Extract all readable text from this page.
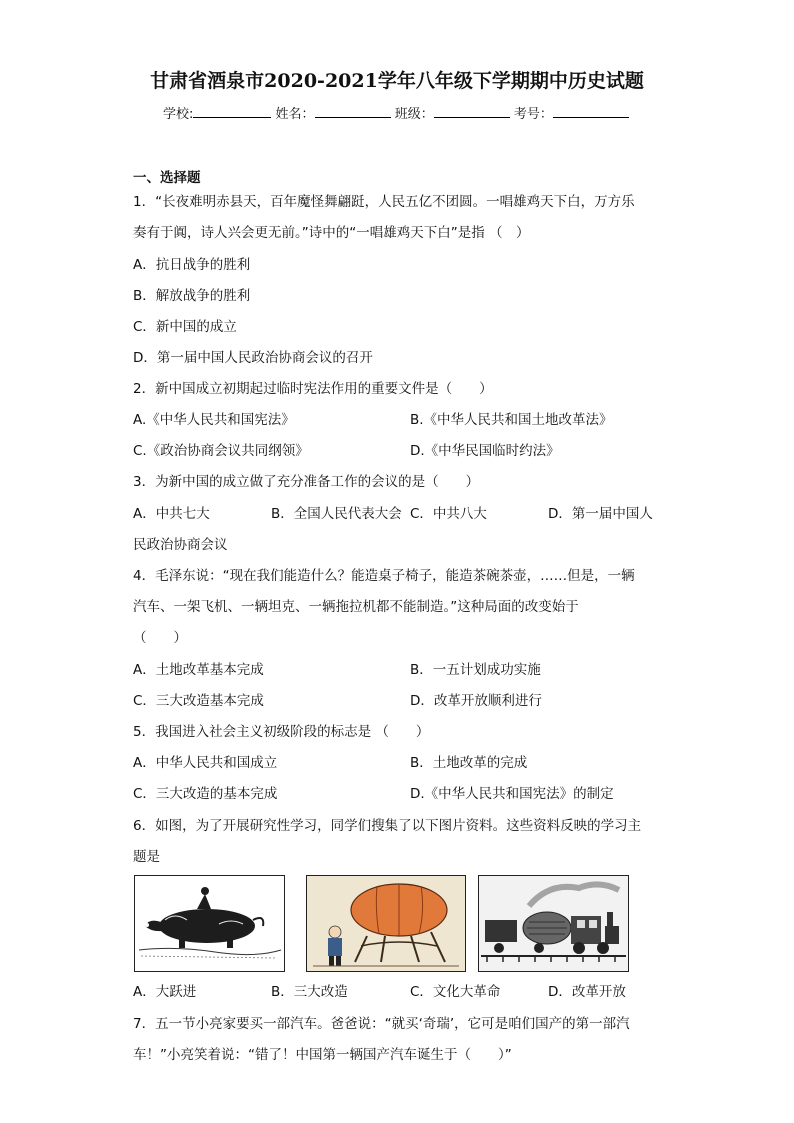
甘肃省酒泉市2020-2021学年八年级下学期期中历史试题
学校:	姓名：	班级：	考号：
一、选择题
1．“长夜难明赤县天，百年魔怪舞翩跹，人民五亿不团圆。一唱雄鸡天下白，万方乐
奏有于阗，诗人兴会更无前。”诗中的“一唱雄鸡天下白”是指 （　）
A．抗日战争的胜利
B．解放战争的胜利
C．新中国的成立
D．第一届中国人民政治协商会议的召开
2．新中国成立初期起过临时宪法作用的重要文件是（　　）
A.《中华人民共和国宪法》	B.《中华人民共和国土地改革法》
C.《政治协商会议共同纲领》	D.《中华民国临时约法》
3．为新中国的成立做了充分准备工作的会议的是（　　）
A．中共七大	B．全国人民代表大会 C．中共八大	D．第一届中国人
民政治协商会议
4．毛泽东说：“现在我们能造什么？能造桌子椅子，能造茶碗茶壶，……但是，一辆
汽车、一架飞机、一辆坦克、一辆拖拉机都不能制造。”这种局面的改变始于
（　　）
A．土地改革基本完成	B．一五计划成功实施
C．三大改造基本完成	D．改革开放顺利进行
5．我国进入社会主义初级阶段的标志是 （　　）
A．中华人民共和国成立	B．土地改革的完成
C．三大改造的基本完成	D.《中华人民共和国宪法》的制定
6．如图，为了开展研究性学习，同学们搜集了以下图片资料。这些资料反映的学习主
题是
A．大跃进	B．三大改造	C．文化大革命	D．改革开放
7．五一节小亮家要买一部汽车。爸爸说：“就买‘奇瑞’，它可是咱们国产的第一部汽
车！”小亮笑着说：“错了！中国第一辆国产汽车诞生于（　　）”
